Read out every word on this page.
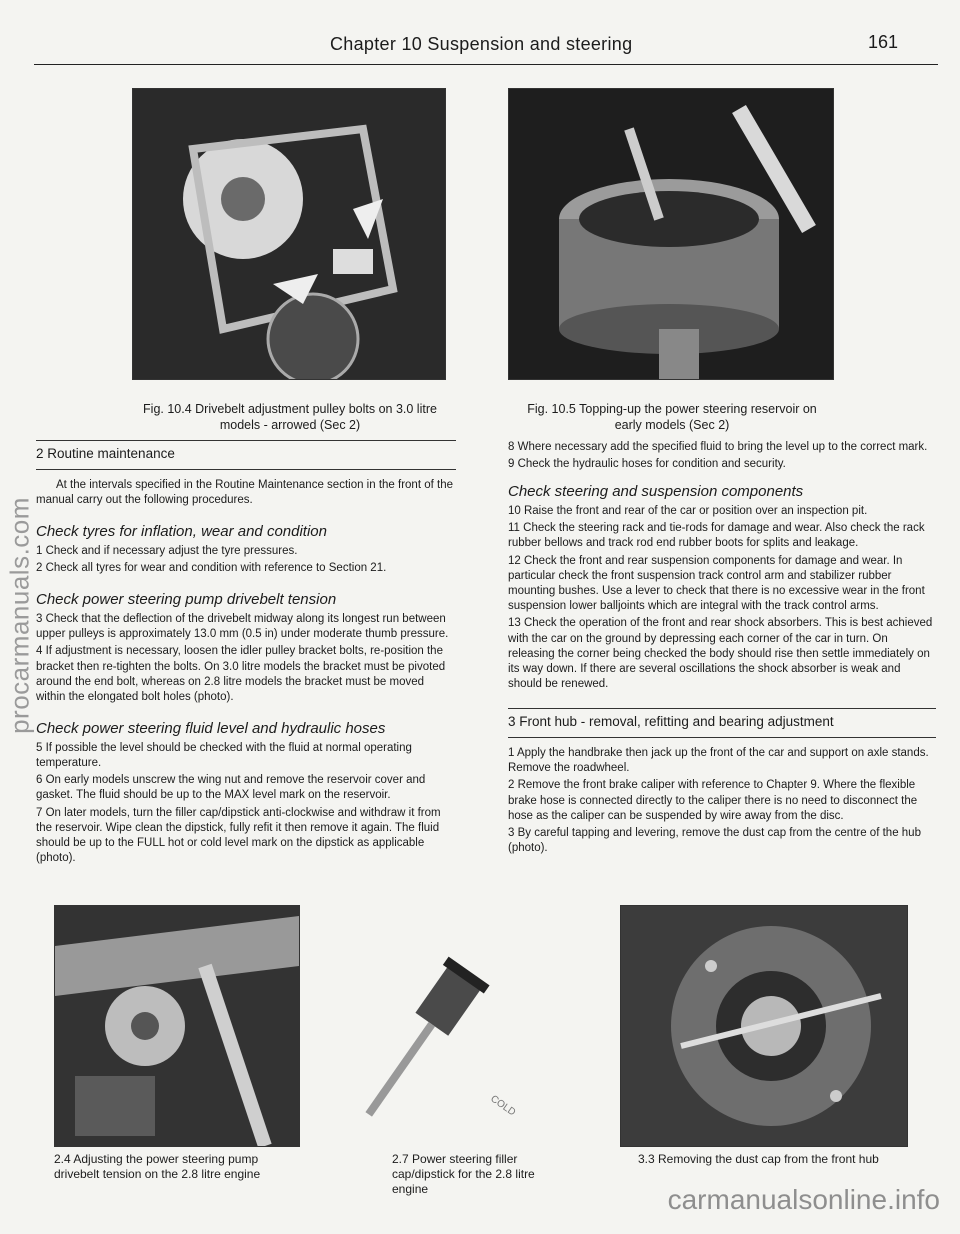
Chapter 10 Suspension and steering	161
procarmanuals.com
carmanualsonline.info
Fig. 10.4 Drivebelt adjustment pulley bolts on 3.0 litre models - arrowed (Sec 2)
Fig. 10.5 Topping-up the power steering reservoir on early models (Sec 2)
2 Routine maintenance

At the intervals specified in the Routine Maintenance section in the front of the manual carry out the following procedures.

Check tyres for inflation, wear and condition

1 Check and if necessary adjust the tyre pressures.

2 Check all tyres for wear and condition with reference to Section 21.

Check power steering pump drivebelt tension

3 Check that the deflection of the drivebelt midway along its longest run between upper pulleys is approximately 13.0 mm (0.5 in) under moderate thumb pressure.

4 If adjustment is necessary, loosen the idler pulley bracket bolts, re-position the bracket then re-tighten the bolts. On 3.0 litre models the bracket must be pivoted around the end bolt, whereas on 2.8 litre models the bracket must be moved within the elongated bolt holes (photo).

Check power steering fluid level and hydraulic hoses

5 If possible the level should be checked with the fluid at normal operating temperature.

6 On early models unscrew the wing nut and remove the reservoir cover and gasket. The fluid should be up to the MAX level mark on the reservoir.

7 On later models, turn the filler cap/dipstick anti-clockwise and withdraw it from the reservoir. Wipe clean the dipstick, fully refit it then remove it again. The fluid should be up to the FULL hot or cold level mark on the dipstick as applicable (photo).

8 Where necessary add the specified fluid to bring the level up to the correct mark.

9 Check the hydraulic hoses for condition and security.

Check steering and suspension components

10 Raise the front and rear of the car or position over an inspection pit.

11 Check the steering rack and tie-rods for damage and wear. Also check the rack rubber bellows and track rod end rubber boots for splits and leakage.

12 Check the front and rear suspension components for damage and wear. In particular check the front suspension track control arm and stabilizer rubber mounting bushes. Use a lever to check that there is no excessive wear in the front suspension lower balljoints which are integral with the track control arms.

13 Check the operation of the front and rear shock absorbers. This is best achieved with the car on the ground by depressing each corner of the car in turn. On releasing the corner being checked the body should rise then settle immediately on its way down. If there are several oscillations the shock absorber is weak and should be renewed.

3 Front hub - removal, refitting and bearing adjustment

1 Apply the handbrake then jack up the front of the car and support on axle stands. Remove the roadwheel.

2 Remove the front brake caliper with reference to Chapter 9. Where the flexible brake hose is connected directly to the caliper there is no need to disconnect the hose as the caliper can be suspended by wire away from the disc.

3 By careful tapping and levering, remove the dust cap from the centre of the hub (photo).

2.4 Adjusting the power steering pump drivebelt tension on the 2.8 litre engine
COLD
2.7 Power steering filler cap/dipstick for the 2.8 litre engine
3.3 Removing the dust cap from the front hub
